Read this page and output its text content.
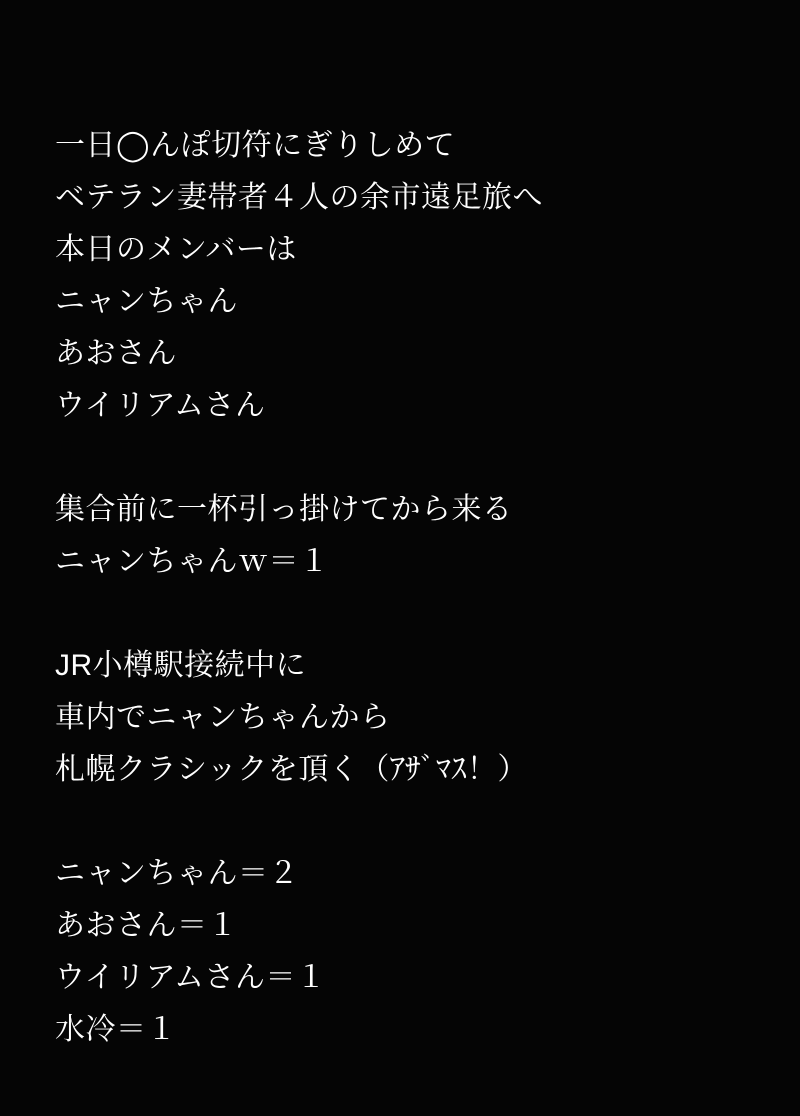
一日◯んぽ切符にぎりしめて
ベテラン妻帯者４人の余市遠足旅へ
本日のメンバーは
ニャンちゃん
あおさん
ウイリアムさん
集合前に一杯引っ掛けてから来る
ニャンちゃんｗ＝１
JR小樽駅接続中に
車内でニャンちゃんから
札幌クラシックを頂く（ｱｻﾞﾏｽ！）
ニャンちゃん＝２
あおさん＝１
ウイリアムさん＝１
水冷＝１
